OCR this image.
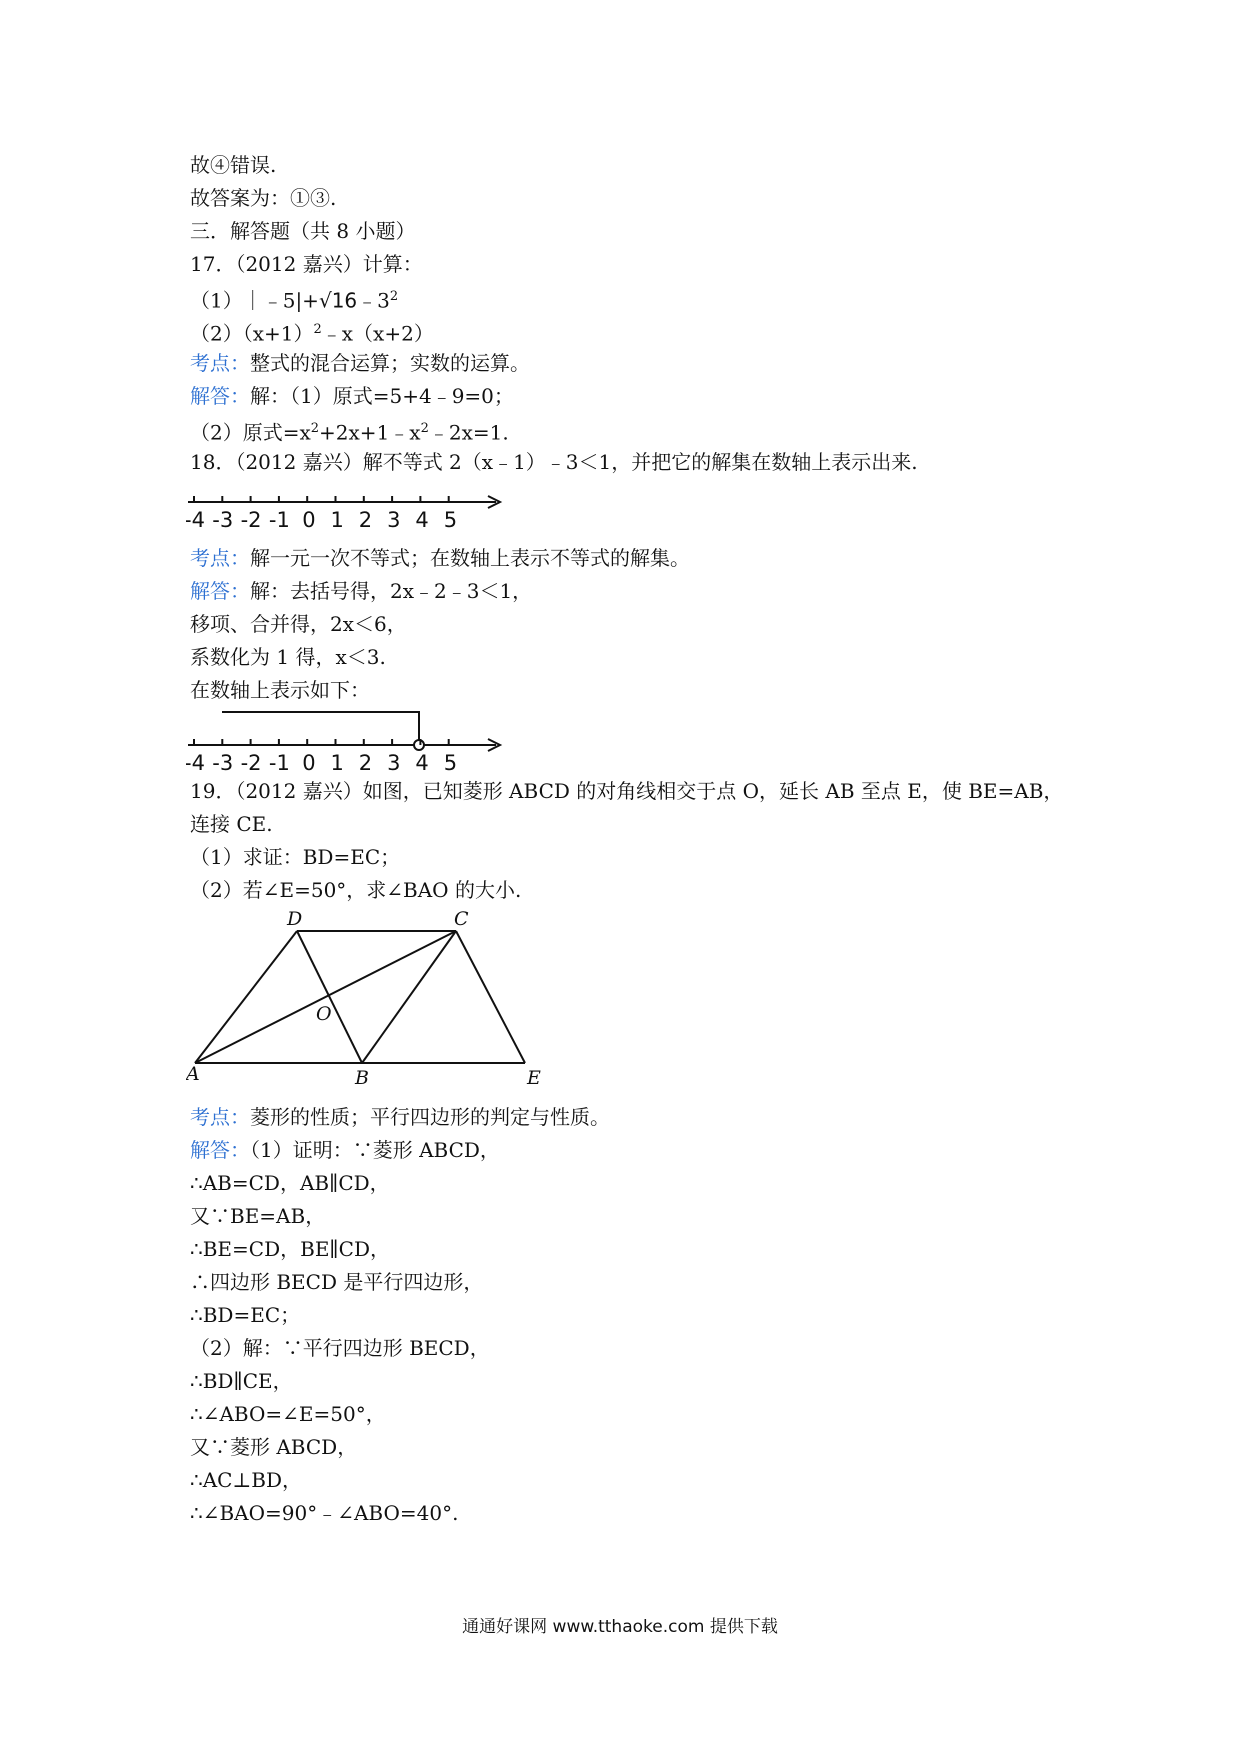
故④错误.
故答案为：①③.
三．解答题（共 8 小题）
17．（2012 嘉兴）计算：
$(1)|﹣5|+√16﹣3^2$
$(2)(x+1)^2﹣x(x+2)$
考点：整式的混合运算；实数的运算。
解答：解：（1）原式=5+4﹣9=0；
（2）原式$=x^2+2x+1﹣x^2﹣2x=1$.
18．（2012 嘉兴）解不等式 2（x﹣1）﹣3＜1，并把它的解集在数轴上表示出来.
-4 -3 -2 -1 0 1 2 3 4 5
考点：解一元一次不等式；在数轴上表示不等式的解集。
解答：解：去括号得，2x﹣2﹣3＜1，
移项、合并得，2x＜6，
系数化为 1 得，x＜3.
在数轴上表示如下：
-4 -3 -2 -1 0 1 2 3 4 5
19．（2012 嘉兴）如图，已知菱形 ABCD 的对角线相交于点 O，延长 AB 至点 E，使 BE=AB，
连接 CE.
（1）求证：BD=EC；
（2）若∠E=50°，求∠BAO 的大小.
D	C
O
A	B	E
考点：菱形的性质；平行四边形的判定与性质。
解答：（1）证明：∵菱形 ABCD，
∴AB=CD，AB∥CD，
又∵BE=AB，
∴BE=CD，BE∥CD，
∴四边形 BECD 是平行四边形，
∴BD=EC；
（2）解：∵平行四边形 BECD，
∴BD∥CE，
∴∠ABO=∠E=50°，
又∵菱形 ABCD，
∴AC⊥BD，
∴∠BAO=90°﹣∠ABO=40°.
通通好课网 www.tthaoke.com 提供下载
